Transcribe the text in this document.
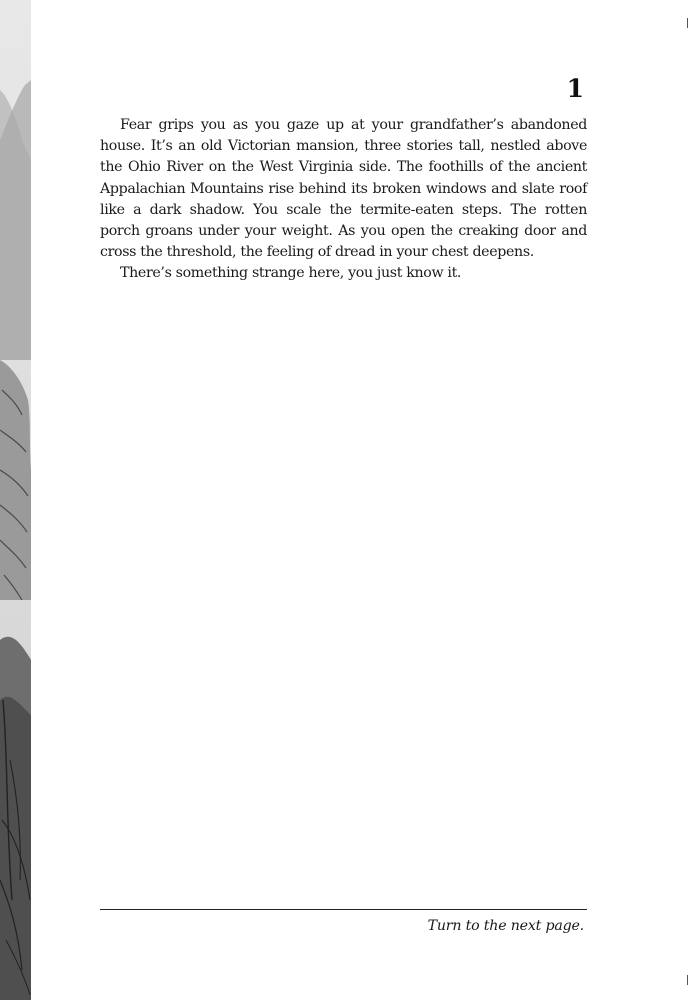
1

Fear grips you as you gaze up at your grandfather’s abandoned house. It’s an old Victorian mansion, three stories tall, nestled above the Ohio River on the West Virginia side. The foothills of the ancient Appalachian Mountains rise behind its broken windows and slate roof like a dark shadow. You scale the termite-eaten steps. The rotten porch groans under your weight. As you open the creaking door and cross the threshold, the feeling of dread in your chest deepens.

There’s something strange here, you just know it.

Turn to the next page.
